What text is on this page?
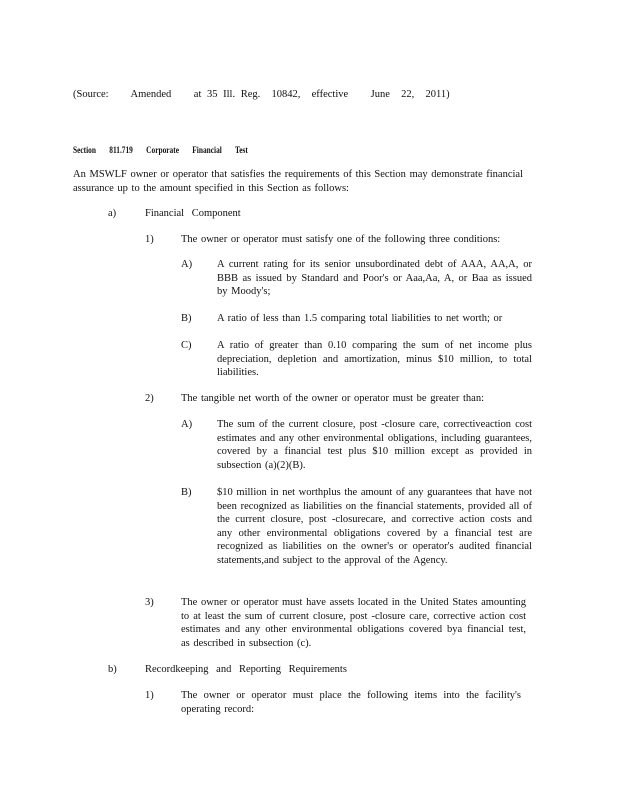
(Source:    Amended    at 35 Ill. Reg.  10842,  effective    June  22,  2011)
Section 811.719 Corporate Financial Test
An MSWLF owner or operator that satisfies the requirements of this Section may demonstrate financial assurance up to the amount specified in this Section as follows:
a)	Financial Component
1)	The owner or operator must satisfy one of the following three conditions:
A) A current rating for its senior unsubordinated debt of AAA, AA,A, or BBB as issued by Standard and Poor's or Aaa,Aa, A, or Baa as issued by Moody's;
B) A ratio of less than 1.5 comparing total liabilities to net worth; or
C) A ratio of greater than 0.10 comparing the sum of net income plus depreciation, depletion and amortization, minus $10 million, to total liabilities.
2)	The tangible net worth of the owner or operator must be greater than:
A) The sum of the current closure, post -closure care, correctiveaction cost estimates and any other environmental obligations, including guarantees, covered by a financial test plus $10 million except as provided in subsection (a)(2)(B).
B) $10 million in net worthplus the amount of any guarantees that have not been recognized as liabilities on the financial statements, provided all of the current closure, post -closurecare, and corrective action costs and any other environmental obligations covered by a financial test are recognized as liabilities on the owner's or operator's audited financial statements,and subject to the approval of the Agency.
3)	The owner or operator must have assets located in the United States amounting to at least the sum of current closure, post -closure care, corrective action cost estimates and any other environmental obligations covered bya financial test, as described in subsection (c).
b)	Recordkeeping and Reporting Requirements
1)	The owner or operator must place the following items into the facility's operating record:
